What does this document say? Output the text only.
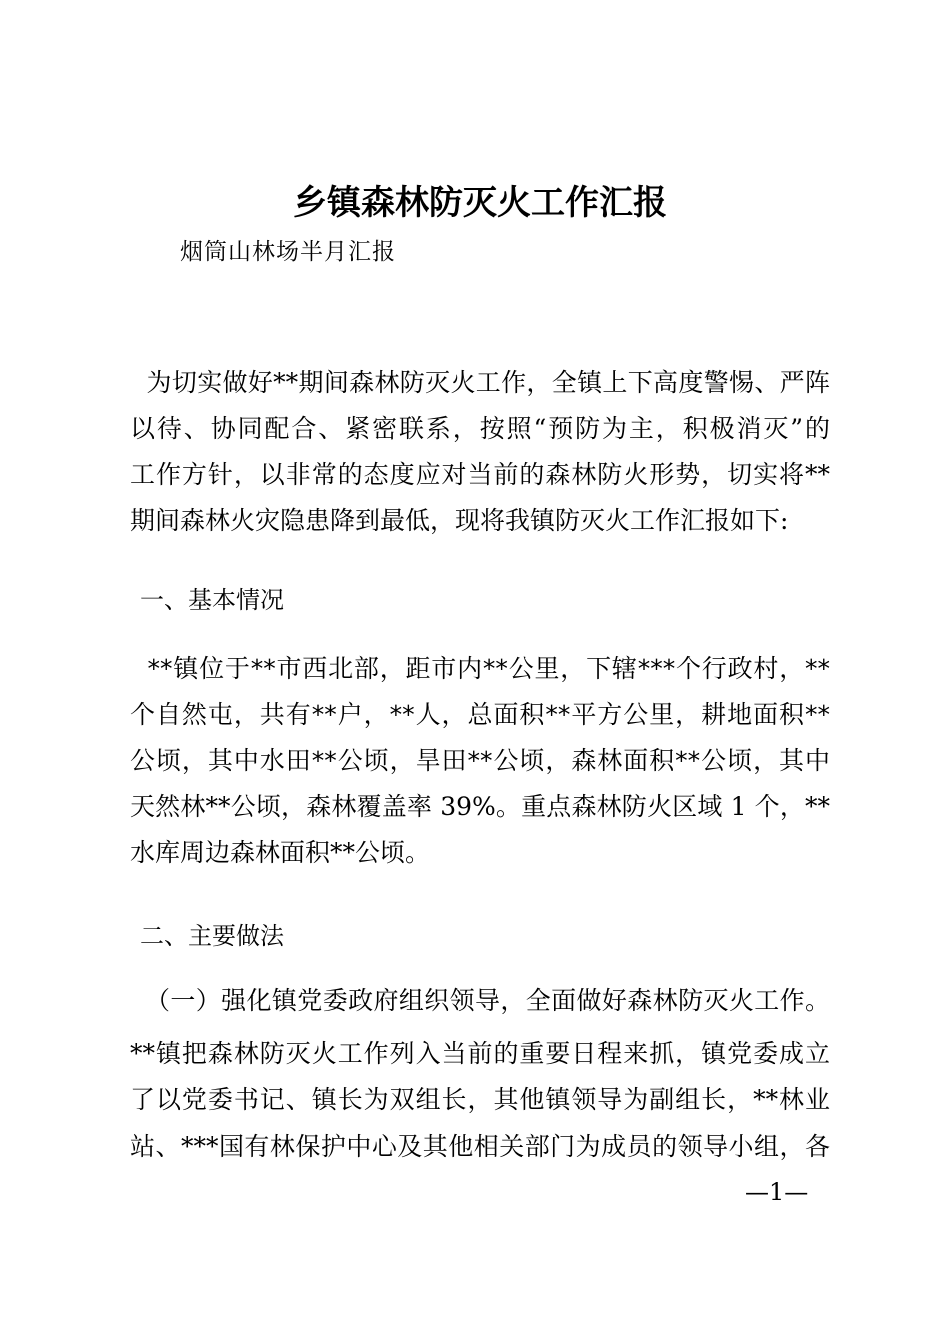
乡镇森林防灭火工作汇报
烟筒山林场半月汇报
为切实做好**期间森林防灭火工作，全镇上下高度警惕、严阵
以待、协同配合、紧密联系，按照“预防为主，积极消灭”的
工作方针，以非常的态度应对当前的森林防火形势，切实将**
期间森林火灾隐患降到最低，现将我镇防灭火工作汇报如下:
一、基本情况
**镇位于**市西北部，距市内**公里，下辖***个行政村，**
个自然屯，共有**户，**人，总面积**平方公里，耕地面积**
公顷，其中水田**公顷，旱田**公顷，森林面积**公顷，其中
天然林**公顷，森林覆盖率 39%。重点森林防火区域 1 个，**
水库周边森林面积**公顷。
二、主要做法
（一）强化镇党委政府组织领导，全面做好森林防灭火工作。
**镇把森林防灭火工作列入当前的重要日程来抓，镇党委成立
了以党委书记、镇长为双组长，其他镇领导为副组长，**林业
站、***国有林保护中心及其他相关部门为成员的领导小组，各
—1—
